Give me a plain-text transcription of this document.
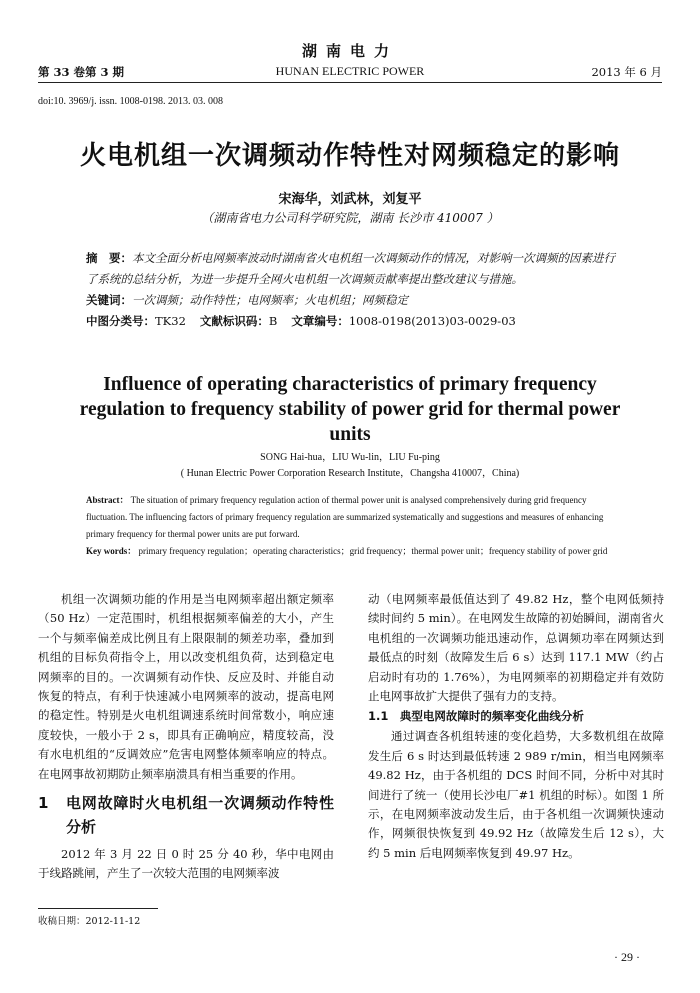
湖南电力
第 33 卷第 3 期	HUNAN ELECTRIC POWER	2013 年 6 月
doi:10. 3969/j. issn. 1008-0198. 2013. 03. 008
火电机组一次调频动作特性对网频稳定的影响
宋海华，刘武林，刘复平
（湖南省电力公司科学研究院，湖南 长沙市 410007 ）

摘　要：本文全面分析电网频率波动时湖南省火电机组一次调频动作的情况，对影响一次调频的因素进行了系统的总结分析，为进一步提升全网火电机组一次调频贡献率提出整改建议与措施。

关键词：一次调频；动作特性；电网频率；火电机组；网频稳定

中图分类号：TK32 文献标识码：B 文章编号：1008-0198(2013)03-0029-03

Influence of operating characteristics of primary frequency regulation to frequency stability of power grid for thermal power units
SONG Hai-hua，LIU Wu-lin，LIU Fu-ping
( Hunan Electric Power Corporation Research Institute，Changsha 410007，China)

Abstract： The situation of primary frequency regulation action of thermal power unit is analysed comprehensively during grid frequency fluctuation. The influencing factors of primary frequency regulation are summarized systematically and suggestions and measures of enhancing primary frequency for thermal power units are put forward.

Key words： primary frequency regulation；operating characteristics；grid frequency；thermal power unit；frequency stability of power grid

机组一次调频功能的作用是当电网频率超出额定频率（50 Hz）一定范围时，机组根据频率偏差的大小，产生一个与频率偏差成比例且有上限限制的频差功率，叠加到机组的目标负荷指令上，用以改变机组负荷，达到稳定电网频率的目的。一次调频有动作快、反应及时、并能自动恢复的特点，有利于快速减小电网频率的波动，提高电网的稳定性。特别是火电机组调速系统时间常数小，响应速度较快，一般小于 2 s，即具有正确响应，精度较高，没有水电机组的“反调效应”危害电网整体频率响应的特点。在电网事故初期防止频率崩溃具有相当重要的作用。

1	电网故障时火电机组一次调频动作特性分析

2012 年 3 月 22 日 0 时 25 分 40 秒，华中电网由于线路跳闸，产生了一次较大范围的电网频率波

动（电网频率最低值达到了 49.82 Hz，整个电网低频持续时间约 5 min）。在电网发生故障的初始瞬间，湖南省火电机组的一次调频功能迅速动作，总调频功率在网频达到最低点的时刻（故障发生后 6 s）达到 117.1 MW（约占启动时有功的 1.76%），为电网频率的初期稳定并有效防止电网事故扩大提供了强有力的支持。

1.1　典型电网故障时的频率变化曲线分析

通过调查各机组转速的变化趋势，大多数机组在故障发生后 6 s 时达到最低转速 2 989 r/min，相当电网频率 49.82 Hz，由于各机组的 DCS 时间不同，分析中对其时间进行了统一（使用长沙电厂#1 机组的时标）。如图 1 所示，在电网频率波动发生后，由于各机组一次调频快速动作，网频很快恢复到 49.92 Hz（故障发生后 12 s），大约 5 min 后电网频率恢复到 49.97 Hz。

收稿日期：2012-11-12
· 29 ·
